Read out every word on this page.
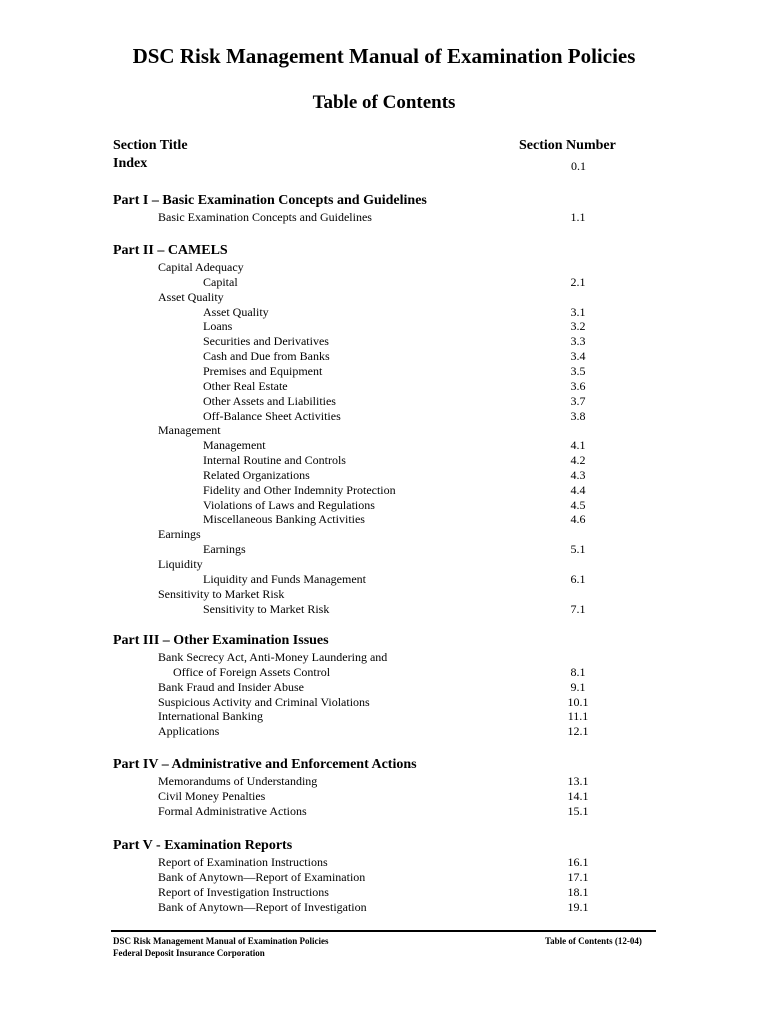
DSC Risk Management Manual of Examination Policies
Table of Contents
Section Title	Section Number
Index	0.1
Part I – Basic Examination Concepts and Guidelines
Basic Examination Concepts and Guidelines	1.1
Part II – CAMELS
Capital Adequacy
Capital	2.1
Asset Quality
Asset Quality	3.1
Loans	3.2
Securities and Derivatives	3.3
Cash and Due from Banks	3.4
Premises and Equipment	3.5
Other Real Estate	3.6
Other Assets and Liabilities	3.7
Off-Balance Sheet Activities	3.8
Management
Management	4.1
Internal Routine and Controls	4.2
Related Organizations	4.3
Fidelity and Other Indemnity Protection	4.4
Violations of Laws and Regulations	4.5
Miscellaneous Banking Activities	4.6
Earnings
Earnings	5.1
Liquidity
Liquidity and Funds Management	6.1
Sensitivity to Market Risk
Sensitivity to Market Risk	7.1
Part III – Other Examination Issues
Bank Secrecy Act, Anti-Money Laundering and
Office of Foreign Assets Control	8.1
Bank Fraud and Insider Abuse	9.1
Suspicious Activity and Criminal Violations	10.1
International Banking	11.1
Applications	12.1
Part IV – Administrative and Enforcement Actions
Memorandums of Understanding	13.1
Civil Money Penalties	14.1
Formal Administrative Actions	15.1
Part V - Examination Reports
Report of Examination Instructions	16.1
Bank of Anytown—Report of Examination	17.1
Report of Investigation Instructions	18.1
Bank of Anytown—Report of Investigation	19.1
DSC Risk Management Manual of Examination Policies
Federal Deposit Insurance Corporation
Table of Contents (12-04)
